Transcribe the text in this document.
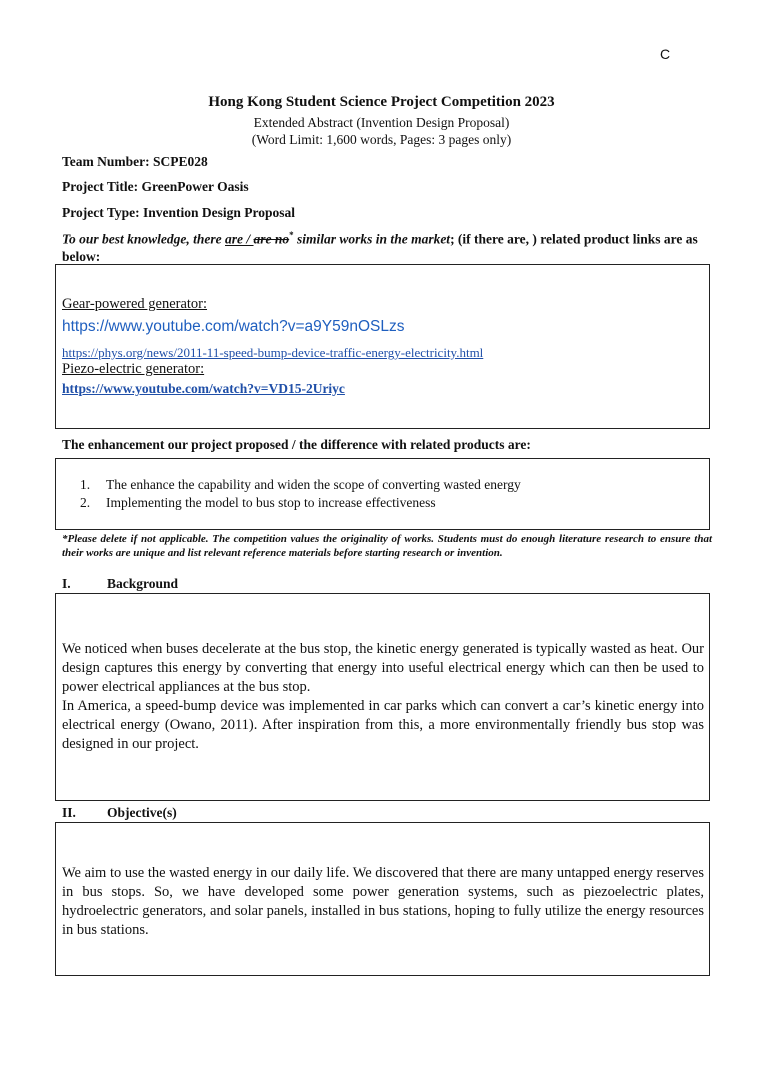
C
Hong Kong Student Science Project Competition 2023
Extended Abstract (Invention Design Proposal)
(Word Limit: 1,600 words, Pages: 3 pages only)
Team Number: SCPE028
Project Title: GreenPower Oasis
Project Type: Invention Design Proposal
To our best knowledge, there are / are no* similar works in the market; (if there are, ) related product links are as below:
Gear-powered generator:
https://www.youtube.com/watch?v=a9Y59nOSLzs
https://phys.org/news/2011-11-speed-bump-device-traffic-energy-electricity.html
Piezo-electric generator:
https://www.youtube.com/watch?v=VD15-2Uriyc
The enhancement our project proposed / the difference with related products are:
1.	The enhance the capability and widen the scope of converting wasted energy
2.	Implementing the model to bus stop to increase effectiveness
*Please delete if not applicable. The competition values the originality of works. Students must do enough literature research to ensure that their works are unique and list relevant reference materials before starting research or invention.
I.	Background
We noticed when buses decelerate at the bus stop, the kinetic energy generated is typically wasted as heat. Our design captures this energy by converting that energy into useful electrical energy which can then be used to power electrical appliances at the bus stop.
In America, a speed-bump device was implemented in car parks which can convert a car’s kinetic energy into electrical energy (Owano, 2011). After inspiration from this, a more environmentally friendly bus stop was designed in our project.
II. Objective(s)
We aim to use the wasted energy in our daily life. We discovered that there are many untapped energy reserves in bus stops. So, we have developed some power generation systems, such as piezoelectric plates, hydroelectric generators, and solar panels, installed in bus stations, hoping to fully utilize the energy resources in bus stations.
